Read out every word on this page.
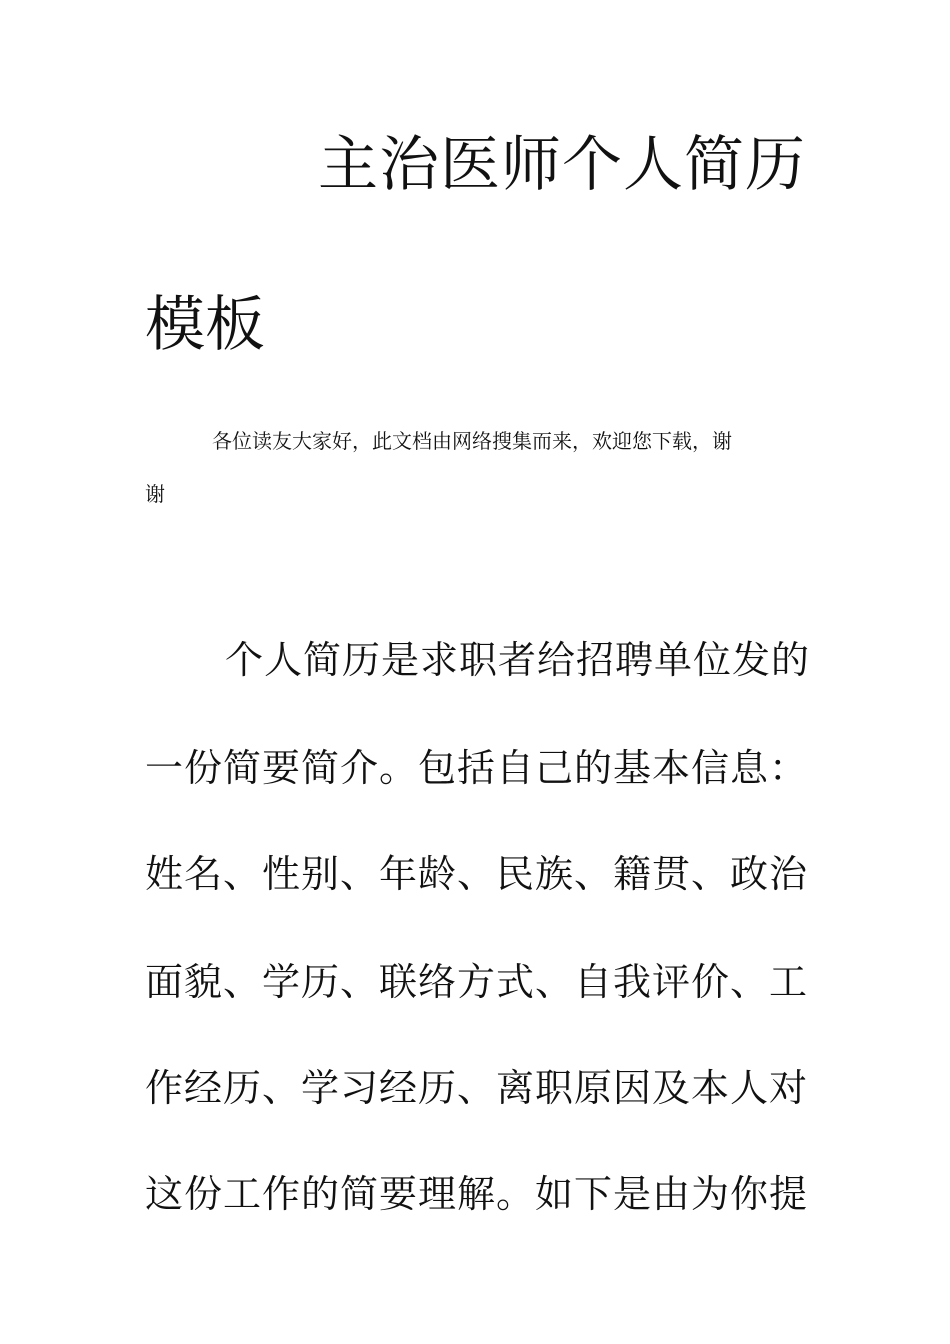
主治医师个人简历
模板

各位读友大家好，此文档由网络搜集而来，欢迎您下载，谢

谢

个人简历是求职者给招聘单位发的

一份简要简介。包括自己的基本信息：

姓名、性别、年龄、民族、籍贯、政治

面貌、学历、联络方式、自我评价、工

作经历、学习经历、离职原因及本人对

这份工作的简要理解。如下是由为你提
